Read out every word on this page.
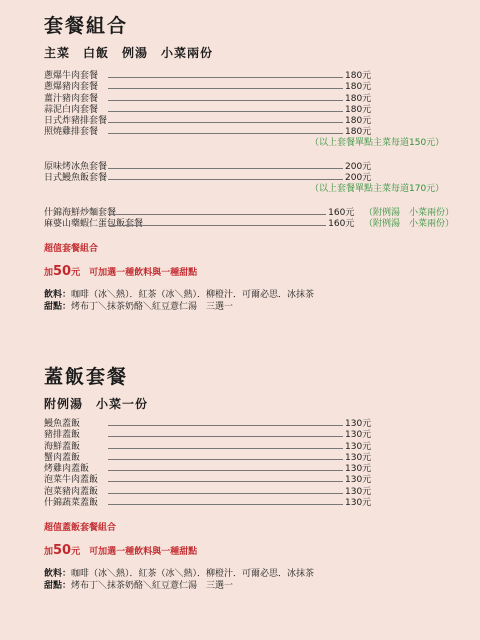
套餐組合
主菜　白飯　例湯　小菜兩份
蔥爆牛肉套餐	180元
蔥爆豬肉套餐	180元
薑汁豬肉套餐	180元
蒜泥白肉套餐	180元
日式炸豬排套餐	180元
照燒雞排套餐	180元
（以上套餐單點主菜每道150元）
原味烤冰魚套餐	200元
日式鰻魚飯套餐	200元
（以上套餐單點主菜每道170元）
什錦海鮮炒麵套餐	160元 （附例湯　小菜兩份）
麻婆山藥蝦仁蛋包飯套餐	160元 （附例湯　小菜兩份）
超值套餐組合
加50元　可加選一種飲料與一種甜點
飲料：咖啡（冰＼熱）．紅茶（冰＼熱）．柳橙汁．可爾必思．冰抹茶
甜點：烤布丁＼抹茶奶酪＼紅豆薏仁湯　三選一
蓋飯套餐
附例湯　小菜一份
鰻魚蓋飯	130元
豬排蓋飯	130元
海鮮蓋飯	130元
蟹肉蓋飯	130元
烤雞肉蓋飯	130元
泡菜牛肉蓋飯	130元
泡菜豬肉蓋飯	130元
什錦蔬菜蓋飯	130元
超值蓋飯套餐組合
加50元　可加選一種飲料與一種甜點
飲料：咖啡（冰＼熱）．紅茶（冰＼熱）．柳橙汁．可爾必思．冰抹茶
甜點：烤布丁＼抹茶奶酪＼紅豆薏仁湯　三選一
